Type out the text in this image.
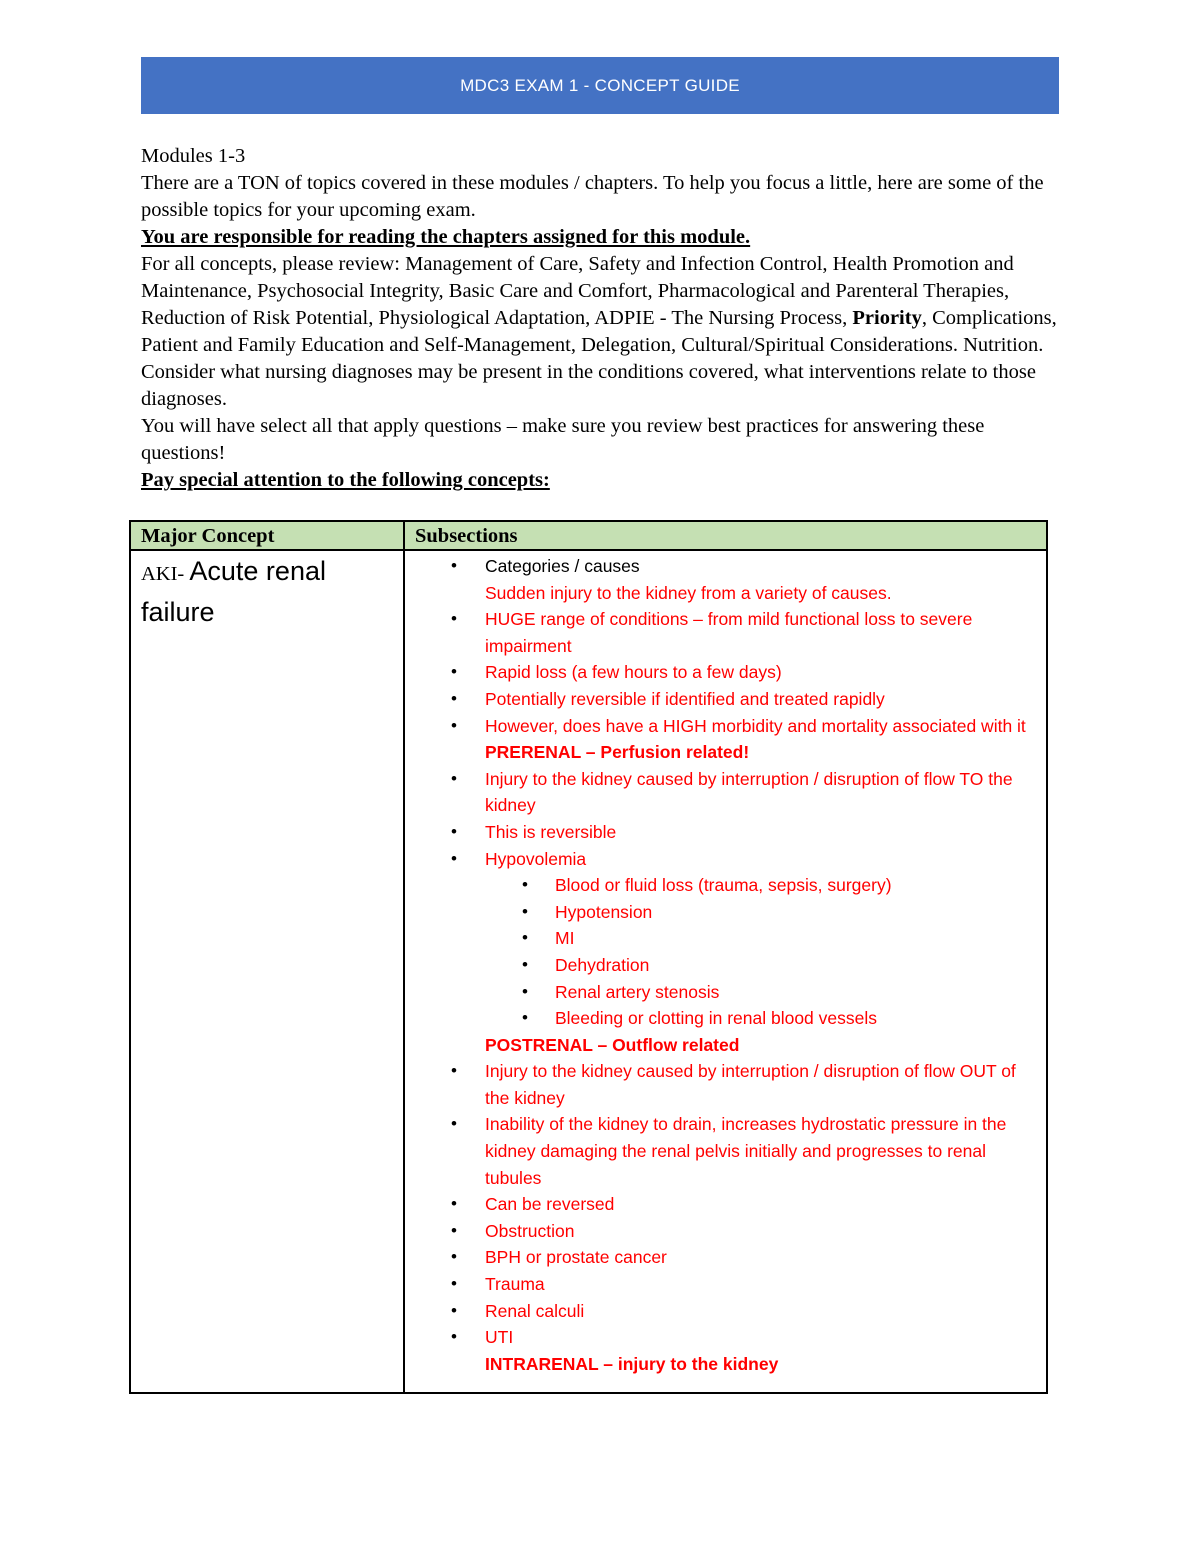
MDC3 EXAM 1 - CONCEPT GUIDE

Modules 1-3

There are a TON of topics covered in these modules / chapters. To help you focus a little, here are some of the possible topics for your upcoming exam.

You are responsible for reading the chapters assigned for this module.

For all concepts, please review: Management of Care, Safety and Infection Control, Health Promotion and Maintenance, Psychosocial Integrity, Basic Care and Comfort, Pharmacological and Parenteral Therapies, Reduction of Risk Potential, Physiological Adaptation, ADPIE - The Nursing Process, Priority, Complications, Patient and Family Education and Self-Management, Delegation, Cultural/Spiritual Considerations. Nutrition.

Consider what nursing diagnoses may be present in the conditions covered, what interventions relate to those diagnoses.

You will have select all that apply questions – make sure you review best practices for answering these questions!

Pay special attention to the following concepts:

Major Concept	Subsections
AKI- Acute renal failure
• Categories / causes
Sudden injury to the kidney from a variety of causes.
• HUGE range of conditions – from mild functional loss to severe impairment
• Rapid loss (a few hours to a few days)
• Potentially reversible if identified and treated rapidly
• However, does have a HIGH morbidity and mortality associated with it
PRERENAL – Perfusion related!
• Injury to the kidney caused by interruption / disruption of flow TO the kidney
• This is reversible
• Hypovolemia
• Blood or fluid loss (trauma, sepsis, surgery)
• Hypotension
• MI
• Dehydration
• Renal artery stenosis
• Bleeding or clotting in renal blood vessels
POSTRENAL – Outflow related
• Injury to the kidney caused by interruption / disruption of flow OUT of the kidney
• Inability of the kidney to drain, increases hydrostatic pressure in the kidney damaging the renal pelvis initially and progresses to renal tubules
• Can be reversed
• Obstruction
• BPH or prostate cancer
• Trauma
• Renal calculi
• UTI
INTRARENAL – injury to the kidney
